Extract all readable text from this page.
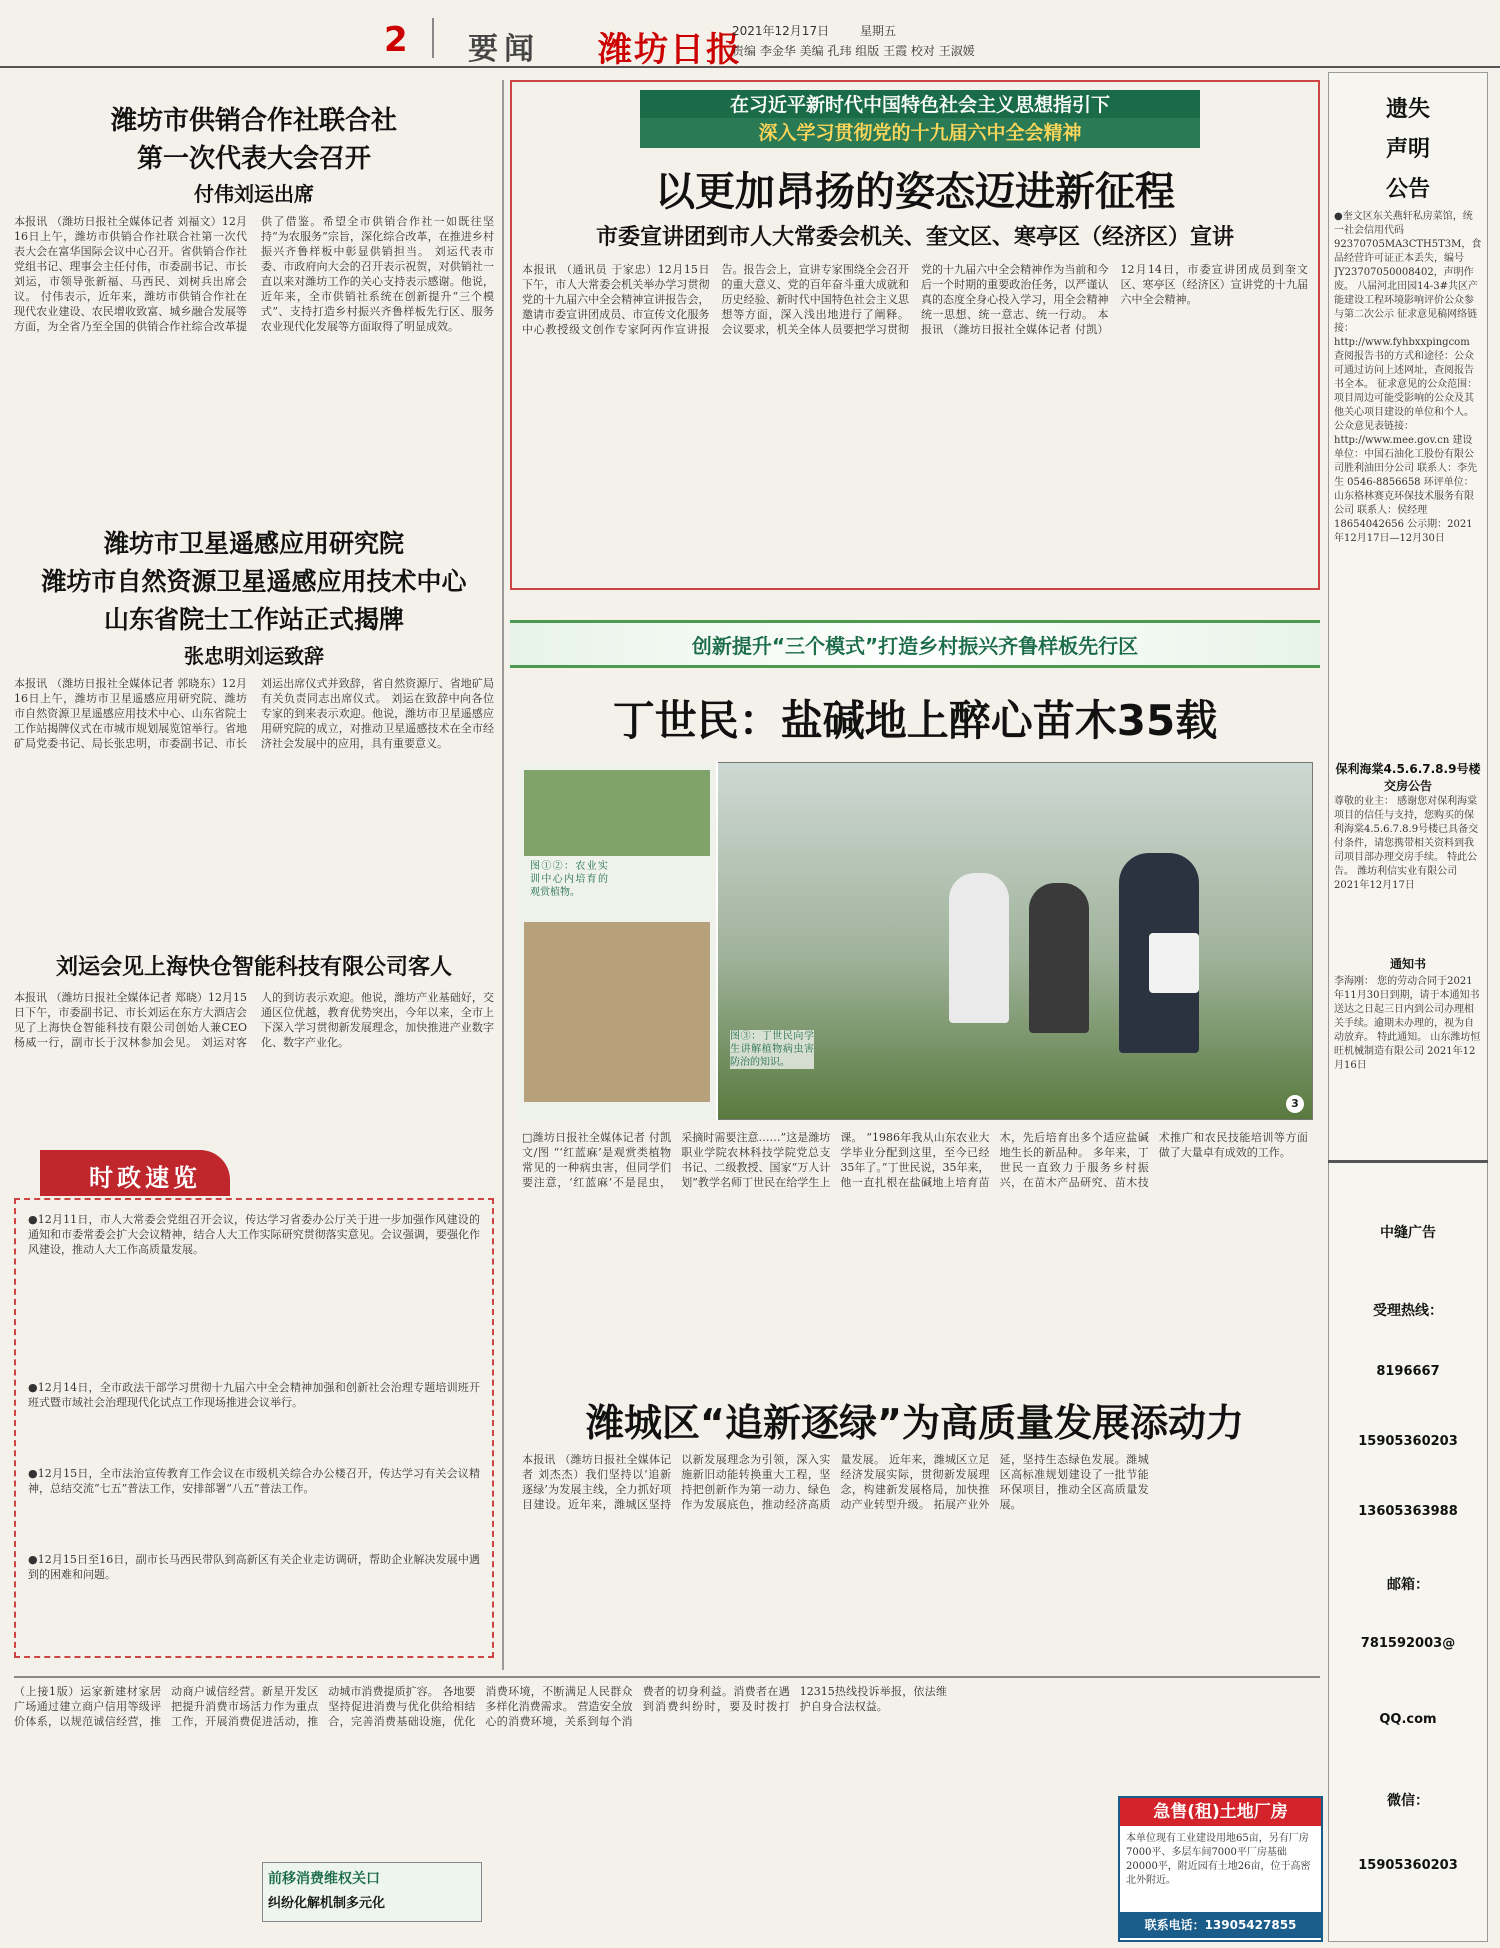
2 要闻 潍坊日报
2021年12月17日	星期五
责编 李金华 美编 孔玮 组版 王霞 校对 王淑媛
潍坊市供销合作社联合社
第一次代表大会召开
付伟刘运出席
本报讯 （潍坊日报社全媒体记者 刘福文）12月16日上午，潍坊市供销合作社联合社第一次代表大会在富华国际会议中心召开。省供销合作社党组书记、理事会主任付伟，市委副书记、市长刘运，市领导张新福、马西民、刘树兵出席会议。 付伟表示，近年来，潍坊市供销合作社在现代农业建设、农民增收致富、城乡融合发展等方面，为全省乃至全国的供销合作社综合改革提供了借鉴。希望全市供销合作社一如既往坚持“为农服务”宗旨，深化综合改革，在推进乡村振兴齐鲁样板中彰显供销担当。 刘运代表市委、市政府向大会的召开表示祝贺，对供销社一直以来对潍坊工作的关心支持表示感谢。他说，近年来，全市供销社系统在创新提升“三个模式”、支持打造乡村振兴齐鲁样板先行区、服务农业现代化发展等方面取得了明显成效。
潍坊市卫星遥感应用研究院
潍坊市自然资源卫星遥感应用技术中心
山东省院士工作站正式揭牌
张忠明刘运致辞
本报讯 （潍坊日报社全媒体记者 郭晓东）12月16日上午，潍坊市卫星遥感应用研究院、潍坊市自然资源卫星遥感应用技术中心、山东省院士工作站揭牌仪式在市城市规划展览馆举行。省地矿局党委书记、局长张忠明，市委副书记、市长刘运出席仪式并致辞，省自然资源厅、省地矿局有关负责同志出席仪式。 刘运在致辞中向各位专家的到来表示欢迎。他说，潍坊市卫星遥感应用研究院的成立，对推动卫星遥感技术在全市经济社会发展中的应用，具有重要意义。
刘运会见上海快仓智能科技有限公司客人
本报讯 （潍坊日报社全媒体记者 郑晓）12月15日下午，市委副书记、市长刘运在东方大酒店会见了上海快仓智能科技有限公司创始人兼CEO杨威一行，副市长于汉林参加会见。 刘运对客人的到访表示欢迎。他说，潍坊产业基础好，交通区位优越，教育优势突出，今年以来，全市上下深入学习贯彻新发展理念，加快推进产业数字化、数字产业化。
时政速览
●12月11日，市人大常委会党组召开会议，传达学习省委办公厅关于进一步加强作风建设的通知和市委常委会扩大会议精神，结合人大工作实际研究贯彻落实意见。会议强调，要强化作风建设，推动人大工作高质量发展。
●12月14日，全市政法干部学习贯彻十九届六中全会精神加强和创新社会治理专题培训班开班式暨市域社会治理现代化试点工作现场推进会议举行。
●12月15日，全市法治宣传教育工作会议在市级机关综合办公楼召开，传达学习有关会议精神，总结交流“七五”普法工作，安排部署“八五”普法工作。
●12月15日至16日，副市长马西民带队到高新区有关企业走访调研，帮助企业解决发展中遇到的困难和问题。
在习近平新时代中国特色社会主义思想指引下
深入学习贯彻党的十九届六中全会精神
以更加昂扬的姿态迈进新征程
市委宣讲团到市人大常委会机关、奎文区、寒亭区（经济区）宣讲
本报讯 （通讯员 于家忠）12月15日下午，市人大常委会机关举办学习贯彻党的十九届六中全会精神宣讲报告会，邀请市委宣讲团成员、市宣传文化服务中心教授级文创作专家阿丙作宣讲报告。报告会上，宣讲专家围绕全会召开的重大意义、党的百年奋斗重大成就和历史经验、新时代中国特色社会主义思想等方面，深入浅出地进行了阐释。 会议要求，机关全体人员要把学习贯彻党的十九届六中全会精神作为当前和今后一个时期的重要政治任务，以严谨认真的态度全身心投入学习，用全会精神统一思想、统一意志、统一行动。 本报讯 （潍坊日报社全媒体记者 付凯）12月14日，市委宣讲团成员到奎文区、寒亭区（经济区）宣讲党的十九届六中全会精神。
创新提升“三个模式”打造乡村振兴齐鲁样板先行区
丁世民：盐碱地上醉心苗木35载
3
图①②：农业实训中心内培育的观赏植物。
图③：丁世民向学生讲解植物病虫害防治的知识。
□潍坊日报社全媒体记者 付凯文/图 “‘红蓝麻’是观赏类植物常见的一种病虫害，但同学们要注意，‘红蓝麻’不是昆虫，采摘时需要注意……”这是潍坊职业学院农林科技学院党总支书记、二级教授、国家“万人计划”教学名师丁世民在给学生上课。 “1986年我从山东农业大学毕业分配到这里，至今已经35年了。”丁世民说，35年来，他一直扎根在盐碱地上培育苗木，先后培育出多个适应盐碱地生长的新品种。 多年来，丁世民一直致力于服务乡村振兴，在苗木产品研究、苗木技术推广和农民技能培训等方面做了大量卓有成效的工作。
潍城区“追新逐绿”为高质量发展添动力
本报讯 （潍坊日报社全媒体记者 刘杰杰）我们坚持以‘追新逐绿’为发展主线，全力抓好项目建设。近年来，潍城区坚持以新发展理念为引领，深入实施新旧动能转换重大工程，坚持把创新作为第一动力、绿色作为发展底色，推动经济高质量发展。 近年来，潍城区立足经济发展实际，贯彻新发展理念，构建新发展格局，加快推动产业转型升级。 拓展产业外延，坚持生态绿色发展。潍城区高标准规划建设了一批节能环保项目，推动全区高质量发展。
（上接1版）运家新建材家居广场通过建立商户信用等级评价体系，以规范诚信经营，推动商户诚信经营。新星开发区把提升消费市场活力作为重点工作，开展消费促进活动，推动城市消费提质扩容。 各地要坚持促进消费与优化供给相结合，完善消费基础设施，优化消费环境，不断满足人民群众多样化消费需求。 营造安全放心的消费环境，关系到每个消费者的切身利益。消费者在遇到消费纠纷时，要及时拨打12315热线投诉举报，依法维护自身合法权益。
前移消费维权关口
纠纷化解机制多元化
遗失
声明
公告
●奎文区东关燕轩私房菜馆，统一社会信用代码92370705MA3CTH5T3M，食品经营许可证正本丢失，编号JY23707050008402，声明作废。 八届河北田园14-3#共区产能建设工程环境影响评价公众参与第二次公示 征求意见稿网络链接：http://www.fyhbxxpingcom 查阅报告书的方式和途径：公众可通过访问上述网址，查阅报告书全本。 征求意见的公众范围：项目周边可能受影响的公众及其他关心项目建设的单位和个人。 公众意见表链接：http://www.mee.gov.cn 建设单位：中国石油化工股份有限公司胜利油田分公司 联系人：李先生 0546-8856658 环评单位：山东格林赛克环保技术服务有限公司 联系人：侯经理 18654042656 公示期：2021年12月17日—12月30日
保利海棠4.5.6.7.8.9号楼交房公告
尊敬的业主： 感谢您对保利海棠项目的信任与支持，您购买的保利海棠4.5.6.7.8.9号楼已具备交付条件，请您携带相关资料到我司项目部办理交房手续。 特此公告。 潍坊利信实业有限公司 2021年12月17日
通知书
李海刚： 您的劳动合同于2021年11月30日到期，请于本通知书送达之日起三日内到公司办理相关手续。逾期未办理的，视为自动放弃。 特此通知。 山东潍坊恒旺机械制造有限公司 2021年12月16日
中缝广告
受理热线：
8196667
15905360203
13605363988
邮箱：
781592003@
QQ.com
微信：
15905360203
急售(租)土地厂房
本单位现有工业建设用地65亩，另有厂房7000平、多层车间7000平厂房基础20000平，附近园有土地26亩，位于高密北外附近。
联系电话：13905427855
